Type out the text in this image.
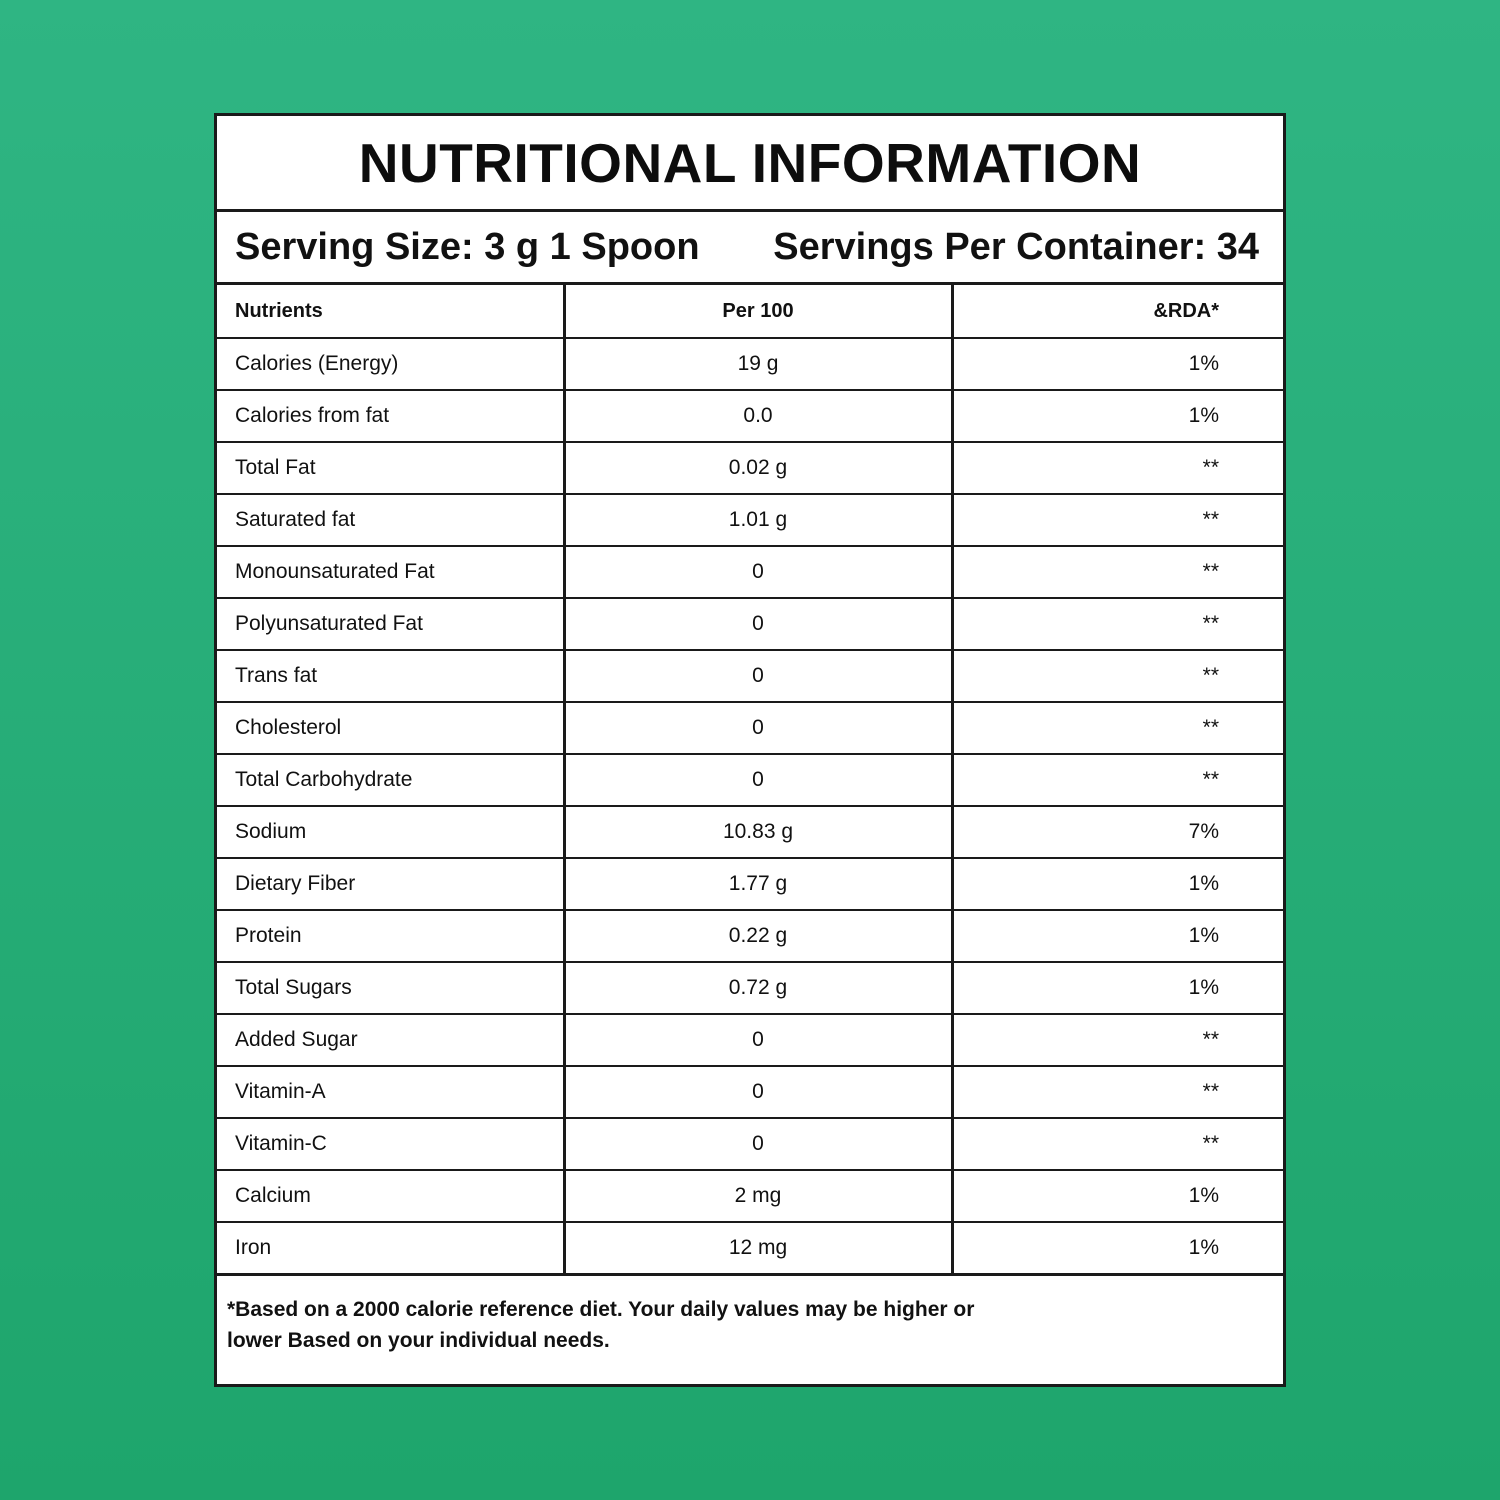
NUTRITIONAL INFORMATION
Serving Size: 3 g 1 Spoon Servings Per Container: 34
Nutrients	Per 100	&RDA*
Calories (Energy)	19 g	1%
Calories from fat	0.0	1%
Total Fat	0.02 g	**
Saturated fat	1.01 g	**
Monounsaturated Fat	0	**
Polyunsaturated Fat	0	**
Trans fat	0	**
Cholesterol	0	**
Total Carbohydrate	0	**
Sodium	10.83 g	7%
Dietary Fiber	1.77 g	1%
Protein	0.22 g	1%
Total Sugars	0.72 g	1%
Added Sugar	0	**
Vitamin-A	0	**
Vitamin-C	0	**
Calcium	2 mg	1%
Iron	12 mg	1%
*Based on a 2000 calorie reference diet. Your daily values may be higher or lower Based on your individual needs.
